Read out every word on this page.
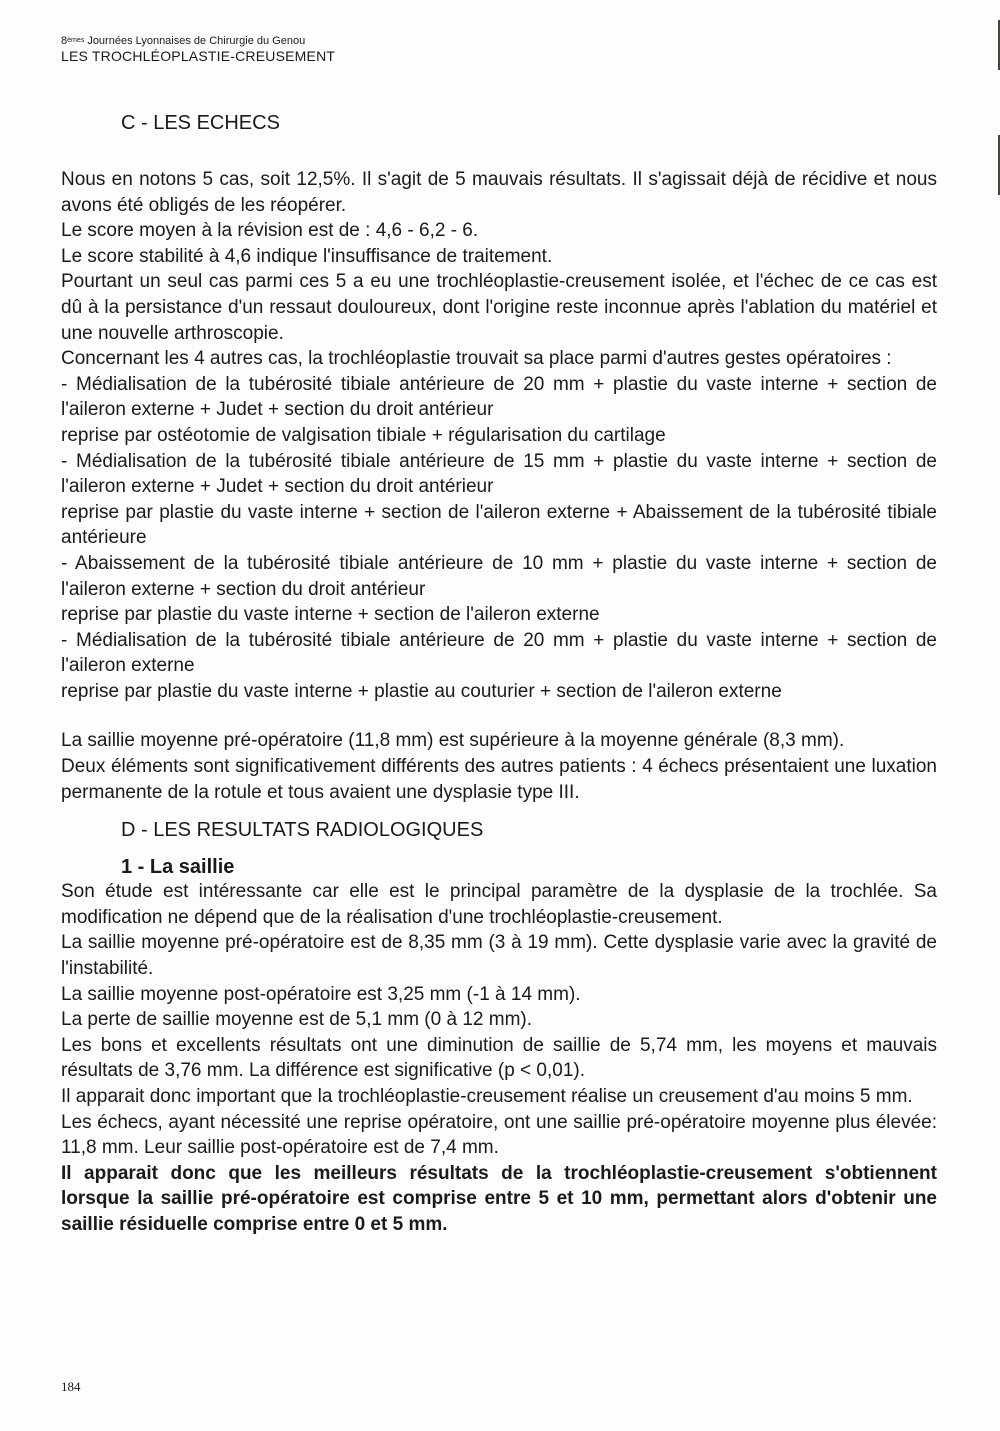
8èmes Journées Lyonnaises de Chirurgie du Genou
LES TROCHLÉOPLASTIE-CREUSEMENT
C - LES ECHECS

Nous en notons 5 cas, soit 12,5%. Il s'agit de 5 mauvais résultats. Il s'agissait déjà de récidive et nous avons été obligés de les réopérer.

Le score moyen à la révision est de : 4,6 - 6,2 - 6.

Le score stabilité à 4,6 indique l'insuffisance de traitement.

Pourtant un seul cas parmi ces 5 a eu une trochléoplastie-creusement isolée, et l'échec de ce cas est dû à la persistance d'un ressaut douloureux, dont l'origine reste inconnue après l'ablation du matériel et une nouvelle arthroscopie.

Concernant les 4 autres cas, la trochléoplastie trouvait sa place parmi d'autres gestes opératoires :

- Médialisation de la tubérosité tibiale antérieure de 20 mm + plastie du vaste interne + section de l'aileron externe + Judet + section du droit antérieur

reprise par ostéotomie de valgisation tibiale + régularisation du cartilage

- Médialisation de la tubérosité tibiale antérieure de 15 mm + plastie du vaste interne + section de l'aileron externe + Judet + section du droit antérieur

reprise par plastie du vaste interne + section de l'aileron externe + Abaissement de la tubérosité tibiale antérieure

- Abaissement de la tubérosité tibiale antérieure de 10 mm + plastie du vaste interne + section de l'aileron externe + section du droit antérieur

reprise par plastie du vaste interne + section de l'aileron externe

- Médialisation de la tubérosité tibiale antérieure de 20 mm + plastie du vaste interne + section de l'aileron externe

reprise par plastie du vaste interne + plastie au couturier + section de l'aileron externe

La saillie moyenne pré-opératoire (11,8 mm) est supérieure à la moyenne générale (8,3 mm).

Deux éléments sont significativement différents des autres patients : 4 échecs présentaient une luxation permanente de la rotule et tous avaient une dysplasie type III.

D - LES RESULTATS RADIOLOGIQUES
1 - La saillie

Son étude est intéressante car elle est le principal paramètre de la dysplasie de la trochlée. Sa modification ne dépend que de la réalisation d'une trochléoplastie-creusement.

La saillie moyenne pré-opératoire est de 8,35 mm (3 à 19 mm). Cette dysplasie varie avec la gravité de l'instabilité.

La saillie moyenne post-opératoire est 3,25 mm (-1 à 14 mm).

La perte de saillie moyenne est de 5,1 mm (0 à 12 mm).

Les bons et excellents résultats ont une diminution de saillie de 5,74 mm, les moyens et mauvais résultats de 3,76 mm. La différence est significative (p < 0,01).

Il apparait donc important que la trochléoplastie-creusement réalise un creusement d'au moins 5 mm.

Les échecs, ayant nécessité une reprise opératoire, ont une saillie pré-opératoire moyenne plus élevée: 11,8 mm. Leur saillie post-opératoire est de 7,4 mm.

Il apparait donc que les meilleurs résultats de la trochléoplastie-creusement s'obtiennent lorsque la saillie pré-opératoire est comprise entre 5 et 10 mm, permettant alors d'obtenir une saillie résiduelle comprise entre 0 et 5 mm.

184
